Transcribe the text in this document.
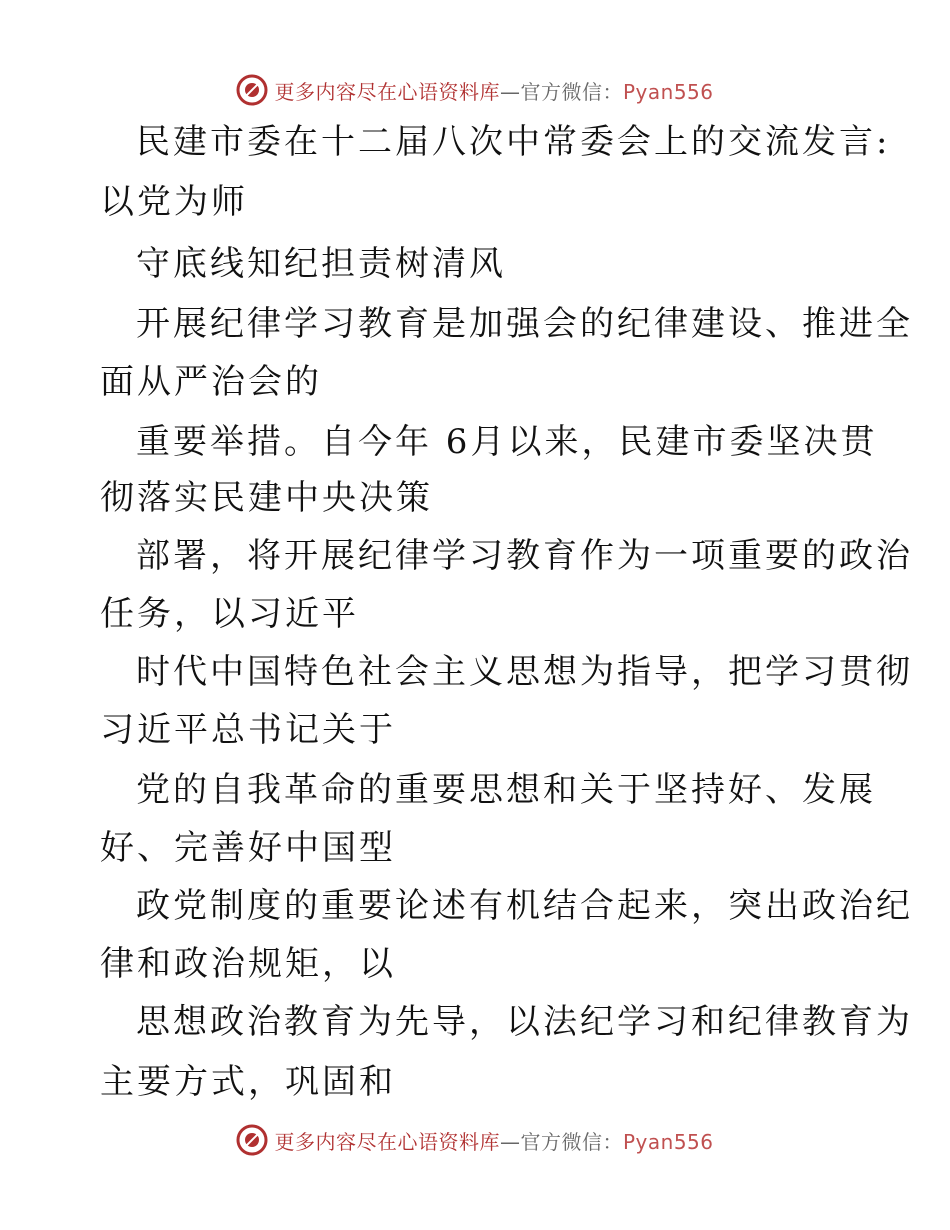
更多内容尽在心语资料库—官方微信：Pyan556
民建市委在十二届八次中常委会上的交流发言:
以党为师
守底线知纪担责树清风
开展纪律学习教育是加强会的纪律建设、推进全
面从严治会的
重要举措。自今年 6月以来，民建市委坚决贯
彻落实民建中央决策
部署，将开展纪律学习教育作为一项重要的政治
任务，以习近平
时代中国特色社会主义思想为指导，把学习贯彻
习近平总书记关于
党的自我革命的重要思想和关于坚持好、发展
好、完善好中国型
政党制度的重要论述有机结合起来，突出政治纪
律和政治规矩，以
思想政治教育为先导，以法纪学习和纪律教育为
主要方式，巩固和
更多内容尽在心语资料库—官方微信：Pyan556
